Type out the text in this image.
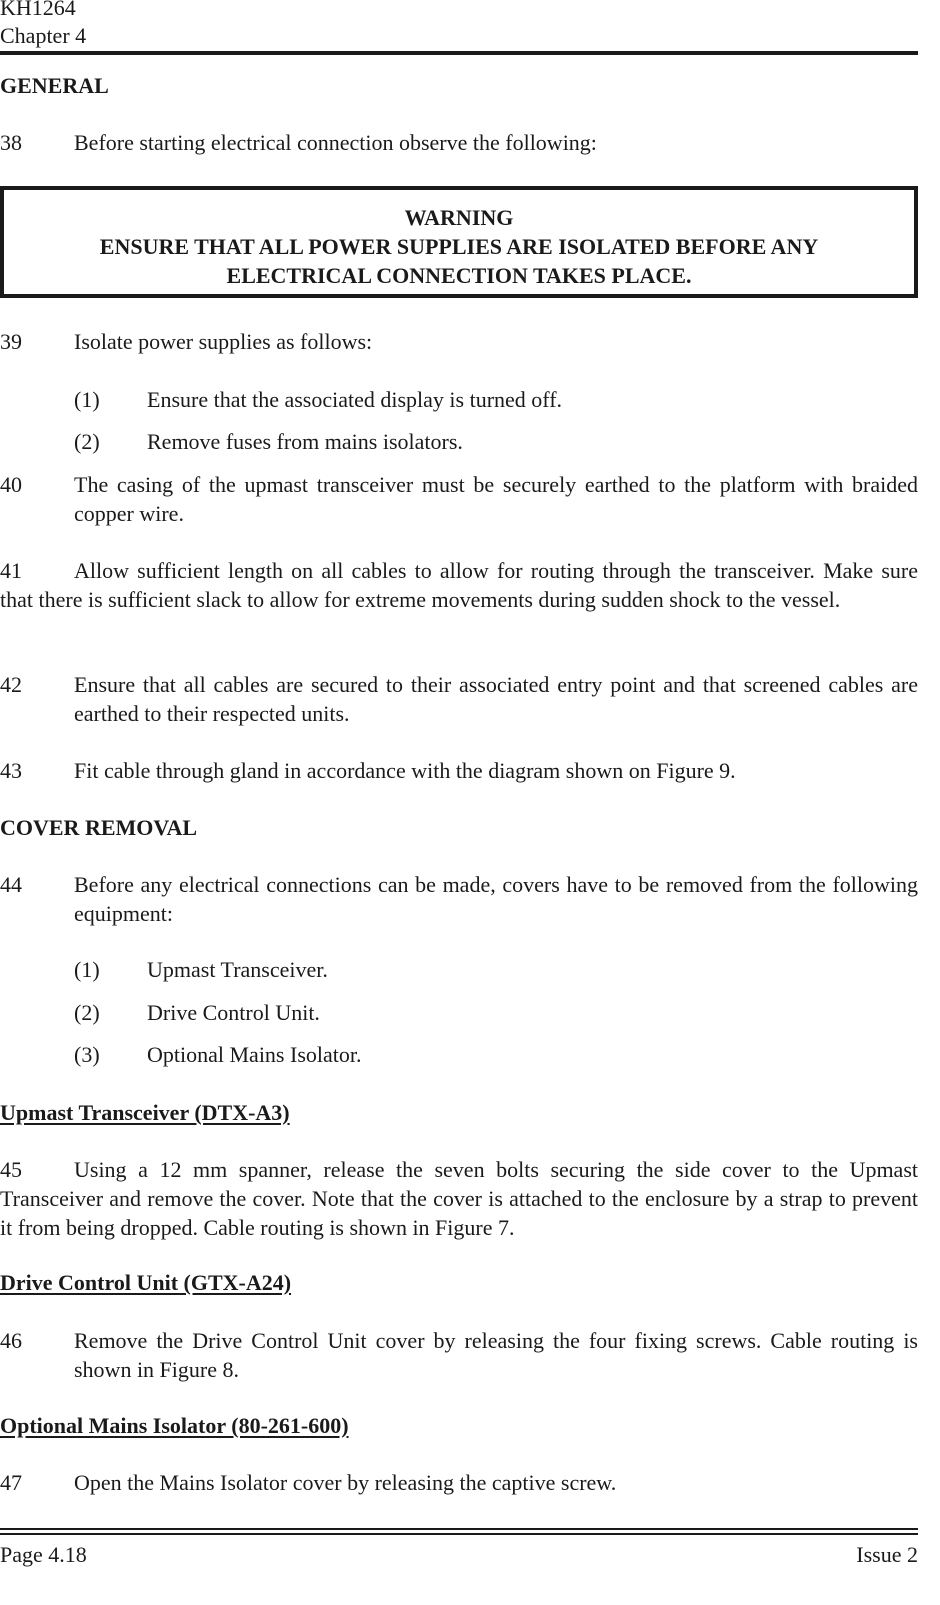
KH1264
Chapter 4
GENERAL
38	Before starting electrical connection observe the following:
WARNING
ENSURE THAT ALL POWER SUPPLIES ARE ISOLATED BEFORE ANY ELECTRICAL CONNECTION TAKES PLACE.
39	Isolate power supplies as follows:
(1) Ensure that the associated display is turned off.
(2) Remove fuses from mains isolators.
40 The casing of the upmast transceiver must be securely earthed to the platform with braided copper wire.
41	Allow sufficient length on all cables to allow for routing through the transceiver. Make sure that there is sufficient slack to allow for extreme movements during sudden shock to the vessel.
42 Ensure that all cables are secured to their associated entry point and that screened cables are earthed to their respected units.
43	Fit cable through gland in accordance with the diagram shown on Figure 9.
COVER REMOVAL
44 Before any electrical connections can be made, covers have to be removed from the following equipment:
(1) Upmast Transceiver.
(2) Drive Control Unit.
(3) Optional Mains Isolator.
Upmast Transceiver (DTX-A3)
45	Using a 12 mm spanner, release the seven bolts securing the side cover to the Upmast Transceiver and remove the cover. Note that the cover is attached to the enclosure by a strap to prevent it from being dropped. Cable routing is shown in Figure 7.
Drive Control Unit (GTX-A24)
46 Remove the Drive Control Unit cover by releasing the four fixing screws. Cable routing is shown in Figure 8.
Optional Mains Isolator (80-261-600)
47	Open the Mains Isolator cover by releasing the captive screw.
Page 4.18	Issue 2
